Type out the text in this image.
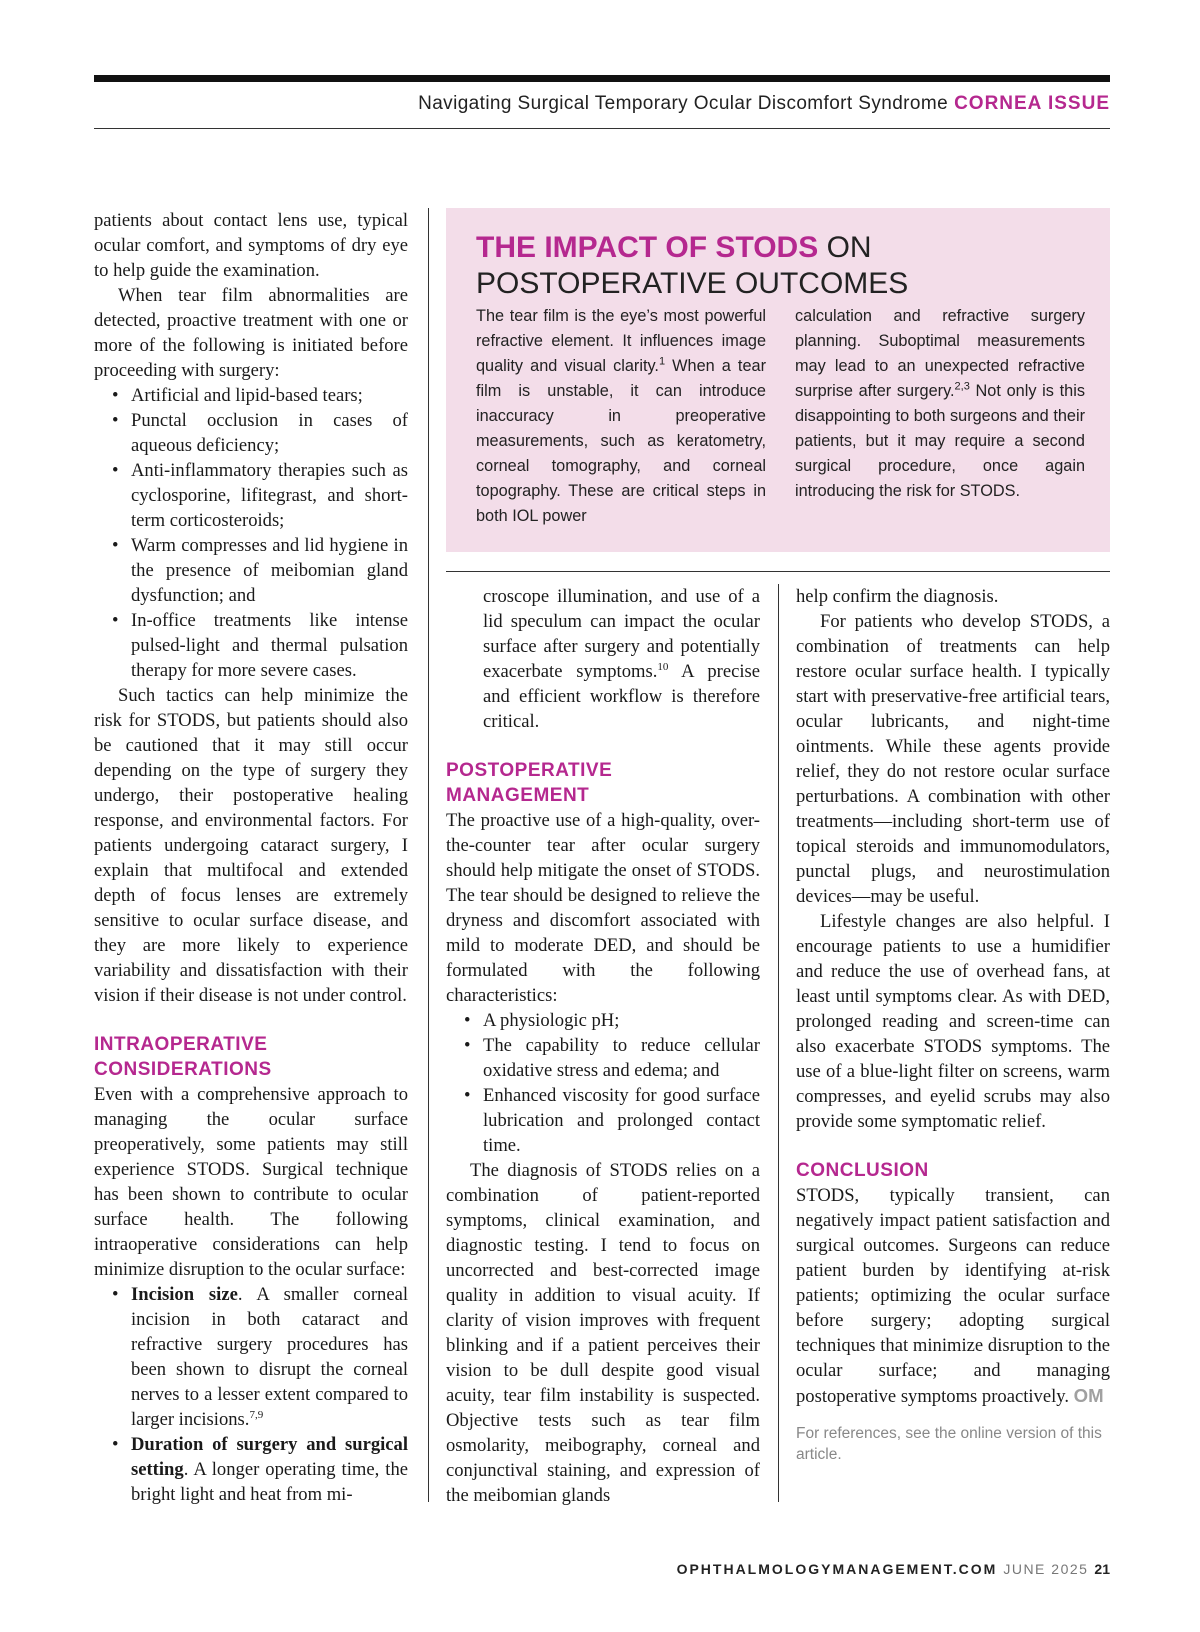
Navigating Surgical Temporary Ocular Discomfort Syndrome CORNEA ISSUE

patients about contact lens use, typical ocular comfort, and symptoms of dry eye to help guide the examination.

When tear film abnormalities are detected, proactive treatment with one or more of the following is initiated before proceeding with surgery:

• Artificial and lipid-based tears;
• Punctal occlusion in cases of aqueous deficiency;
• Anti-inflammatory therapies such as cyclosporine, lifitegrast, and short-term corticosteroids;
• Warm compresses and lid hygiene in the presence of meibomian gland dysfunction; and
• In-office treatments like intense pulsed-light and thermal pulsation therapy for more severe cases.

Such tactics can help minimize the risk for STODS, but patients should also be cautioned that it may still occur depending on the type of surgery they undergo, their postoperative healing response, and environmental factors. For patients undergoing cataract surgery, I explain that multifocal and extended depth of focus lenses are extremely sensitive to ocular surface disease, and they are more likely to experience variability and dissatisfaction with their vision if their disease is not under control.

INTRAOPERATIVE
CONSIDERATIONS

Even with a comprehensive approach to managing the ocular surface preoperatively, some patients may still experience STODS. Surgical technique has been shown to contribute to ocular surface health. The following intraoperative considerations can help minimize disruption to the ocular surface:

• Incision size. A smaller corneal incision in both cataract and refractive surgery procedures has been shown to disrupt the corneal nerves to a lesser extent compared to larger incisions.$^{7,9}$
• Duration of surgery and surgical setting. A longer operating time, the bright light and heat from mi-
THE IMPACT OF STODS ON
POSTOPERATIVE OUTCOMES
The tear film is the eye’s most powerful refractive element. It influences image quality and visual clarity.$^1$ When a tear film is unstable, it can introduce inaccuracy in preoperative measurements, such as keratometry, corneal tomography, and corneal topography. These are critical steps in both IOL power
calculation and refractive surgery planning. Suboptimal measurements may lead to an unexpected refractive surprise after surgery.$^{2,3}$ Not only is this disappointing to both surgeons and their patients, but it may require a second surgical procedure, once again introducing the risk for STODS.

croscope illumination, and use of a lid speculum can impact the ocular surface after surgery and potentially exacerbate symptoms.$^{10}$ A precise and efficient workflow is therefore critical.

POSTOPERATIVE
MANAGEMENT

The proactive use of a high-quality, over-the-counter tear after ocular surgery should help mitigate the onset of STODS. The tear should be designed to relieve the dryness and discomfort associated with mild to moderate DED, and should be formulated with the following characteristics:

• A physiologic pH;
• The capability to reduce cellular oxidative stress and edema; and
• Enhanced viscosity for good surface lubrication and prolonged contact time.

The diagnosis of STODS relies on a combination of patient-reported symptoms, clinical examination, and diagnostic testing. I tend to focus on uncorrected and best-corrected image quality in addition to visual acuity. If clarity of vision improves with frequent blinking and if a patient perceives their vision to be dull despite good visual acuity, tear film instability is suspected. Objective tests such as tear film osmolarity, meibography, corneal and conjunctival staining, and expression of the meibomian glands

help confirm the diagnosis.

For patients who develop STODS, a combination of treatments can help restore ocular surface health. I typically start with preservative-free artificial tears, ocular lubricants, and night-time ointments. While these agents provide relief, they do not restore ocular surface perturbations. A combination with other treatments—including short-term use of topical steroids and immunomodulators, punctal plugs, and neurostimulation devices—may be useful.

Lifestyle changes are also helpful. I encourage patients to use a humidifier and reduce the use of overhead fans, at least until symptoms clear. As with DED, prolonged reading and screen-time can also exacerbate STODS symptoms. The use of a blue-light filter on screens, warm compresses, and eyelid scrubs may also provide some symptomatic relief.

CONCLUSION

STODS, typically transient, can negatively impact patient satisfaction and surgical outcomes. Surgeons can reduce patient burden by identifying at-risk patients; optimizing the ocular surface before surgery; adopting surgical techniques that minimize disruption to the ocular surface; and managing postoperative symptoms proactively. OM

For references, see the online version of this article.
OPHTHALMOLOGYMANAGEMENT.COM JUNE 2025 21
